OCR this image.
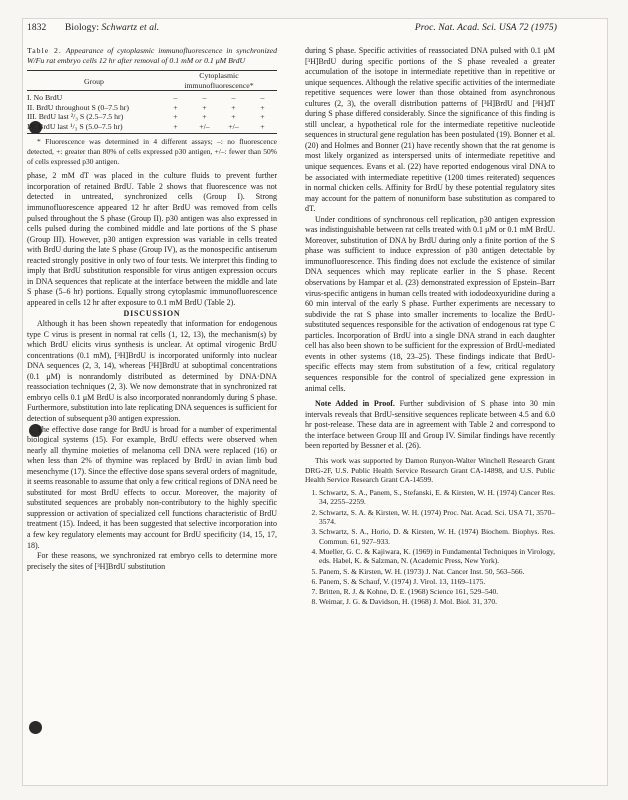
1832 Biology: Schwartz et al.	Proc. Nat. Acad. Sci. USA 72 (1975)

Table 2. Appearance of cytoplasmic immunofluorescence in synchronized W/Fu rat embryo cells 12 hr after removal of 0.1 mM or 0.1 μM BrdU

Group	Cytoplasmic immunofluorescence*			
I. No BrdU	–	–	–	–
II. BrdU throughout S (0–7.5 hr)	+	+	+	+
III. BrdU last ²/₃ S (2.5–7.5 hr)	+	+	+	+
IV. BrdU last ¹/₃ S (5.0–7.5 hr)	+	+/–	+/–	+

* Fluorescence was determined in 4 different assays; –: no fluorescence detected, +: greater than 80% of cells expressed p30 antigen, +/–: fewer than 50% of cells expressed p30 antigen.

phase, 2 mM dT was placed in the culture fluids to prevent further incorporation of retained BrdU. Table 2 shows that fluorescence was not detected in untreated, synchronized cells (Group I). Strong immunofluorescence appeared 12 hr after BrdU was removed from cells pulsed throughout the S phase (Group II). p30 antigen was also expressed in cells pulsed during the combined middle and late portions of the S phase (Group III). However, p30 antigen expression was variable in cells treated with BrdU during the late S phase (Group IV), as the monospecific antiserum reacted strongly positive in only two of four tests. We interpret this finding to imply that BrdU substitution responsible for virus antigen expression occurs in DNA sequences that replicate at the interface between the middle and late S phase (5–6 hr) portions. Equally strong cytoplasmic immunofluorescence appeared in cells 12 hr after exposure to 0.1 mM BrdU (Table 2).

DISCUSSION

Although it has been shown repeatedly that information for endogenous type C virus is present in normal rat cells (1, 12, 13), the mechanism(s) by which BrdU elicits virus synthesis is unclear. At optimal virogenic BrdU concentrations (0.1 mM), [³H]BrdU is incorporated uniformly into nuclear DNA sequences (2, 3, 14), whereas [³H]BrdU at suboptimal concentrations (0.1 μM) is nonrandomly distributed as determined by DNA·DNA reassociation techniques (2, 3). We now demonstrate that in synchronized rat embryo cells 0.1 μM BrdU is also incorporated nonrandomly during S phase. Furthermore, substitution into late replicating DNA sequences is sufficient for detection of subsequent p30 antigen expression.

The effective dose range for BrdU is broad for a number of experimental biological systems (15). For example, BrdU effects were observed when nearly all thymine moieties of melanoma cell DNA were replaced (16) or when less than 2% of thymine was replaced by BrdU in avian limb bud mesenchyme (17). Since the effective dose spans several orders of magnitude, it seems reasonable to assume that only a few critical regions of DNA need be substituted for most BrdU effects to occur. Moreover, the majority of substituted sequences are probably non-contributory to the highly specific suppression or activation of specialized cell functions characteristic of BrdU treatment (15). Indeed, it has been suggested that selective incorporation into a few key regulatory elements may account for BrdU specificity (14, 15, 17, 18).

For these reasons, we synchronized rat embryo cells to determine more precisely the sites of [³H]BrdU substitution

during S phase. Specific activities of reassociated DNA pulsed with 0.1 μM [³H]BrdU during specific portions of the S phase revealed a greater accumulation of the isotope in intermediate repetitive than in repetitive or unique sequences. Although the relative specific activities of the intermediate repetitive sequences were lower than those obtained from asynchronous cultures (2, 3), the overall distribution patterns of [³H]BrdU and [³H]dT during S phase differed considerably. Since the significance of this finding is still unclear, a hypothetical role for the intermediate repetitive nucleotide sequences in structural gene regulation has been postulated (19). Bonner et al. (20) and Holmes and Bonner (21) have recently shown that the rat genome is most likely organized as interspersed units of intermediate repetitive and unique sequences. Evans et al. (22) have reported endogenous viral DNA to be associated with intermediate repetitive (1200 times reiterated) sequences in normal chicken cells. Affinity for BrdU by these potential regulatory sites may account for the pattern of nonuniform base substitution as compared to dT.

Under conditions of synchronous cell replication, p30 antigen expression was indistinguishable between rat cells treated with 0.1 μM or 0.1 mM BrdU. Moreover, substitution of DNA by BrdU during only a finite portion of the S phase was sufficient to induce expression of p30 antigen detectable by immunofluorescence. This finding does not exclude the existence of similar DNA sequences which may replicate earlier in the S phase. Recent observations by Hampar et al. (23) demonstrated expression of Epstein–Barr virus-specific antigens in human cells treated with iododeoxyuridine during a 60 min interval of the early S phase. Further experiments are necessary to subdivide the rat S phase into smaller increments to localize the BrdU-substituted sequences responsible for the activation of endogenous rat type C particles. Incorporation of BrdU into a single DNA strand in each daughter cell has also been shown to be sufficient for the expression of BrdU-mediated events in other systems (18, 23–25). These findings indicate that BrdU-specific effects may stem from substitution of a few, critical regulatory sequences responsible for the control of specialized gene expression in animal cells.

Note Added in Proof. Further subdivision of S phase into 30 min intervals reveals that BrdU-sensitive sequences replicate between 4.5 and 6.0 hr post-release. These data are in agreement with Table 2 and correspond to the interface between Group III and Group IV. Similar findings have recently been reported by Bessner et al. (26).

This work was supported by Damon Runyon-Walter Winchell Research Grant DRG-2F, U.S. Public Health Service Research Grant CA-14898, and U.S. Public Health Service Research Grant CA-14599.

1. Schwartz, S. A., Panem, S., Stefanski, E. & Kirsten, W. H. (1974) Cancer Res. 34, 2255–2259.
2. Schwartz, S. A. & Kirsten, W. H. (1974) Proc. Nat. Acad. Sci. USA 71, 3570–3574.
3. Schwartz, S. A., Horio, D. & Kirsten, W. H. (1974) Biochem. Biophys. Res. Commun. 61, 927–933.
4. Mueller, G. C. & Kajiwara, K. (1969) in Fundamental Techniques in Virology, eds. Habel, K. & Salzman, N. (Academic Press, New York).
5. Panem, S. & Kirsten, W. H. (1973) J. Nat. Cancer Inst. 50, 563–566.
6. Panem, S. & Schauf, V. (1974) J. Virol. 13, 1169–1175.
7. Britten, R. J. & Kohne, D. E. (1968) Science 161, 529–540.
8. Weimar, J. G. & Davidson, H. (1968) J. Mol. Biol. 31, 370.
